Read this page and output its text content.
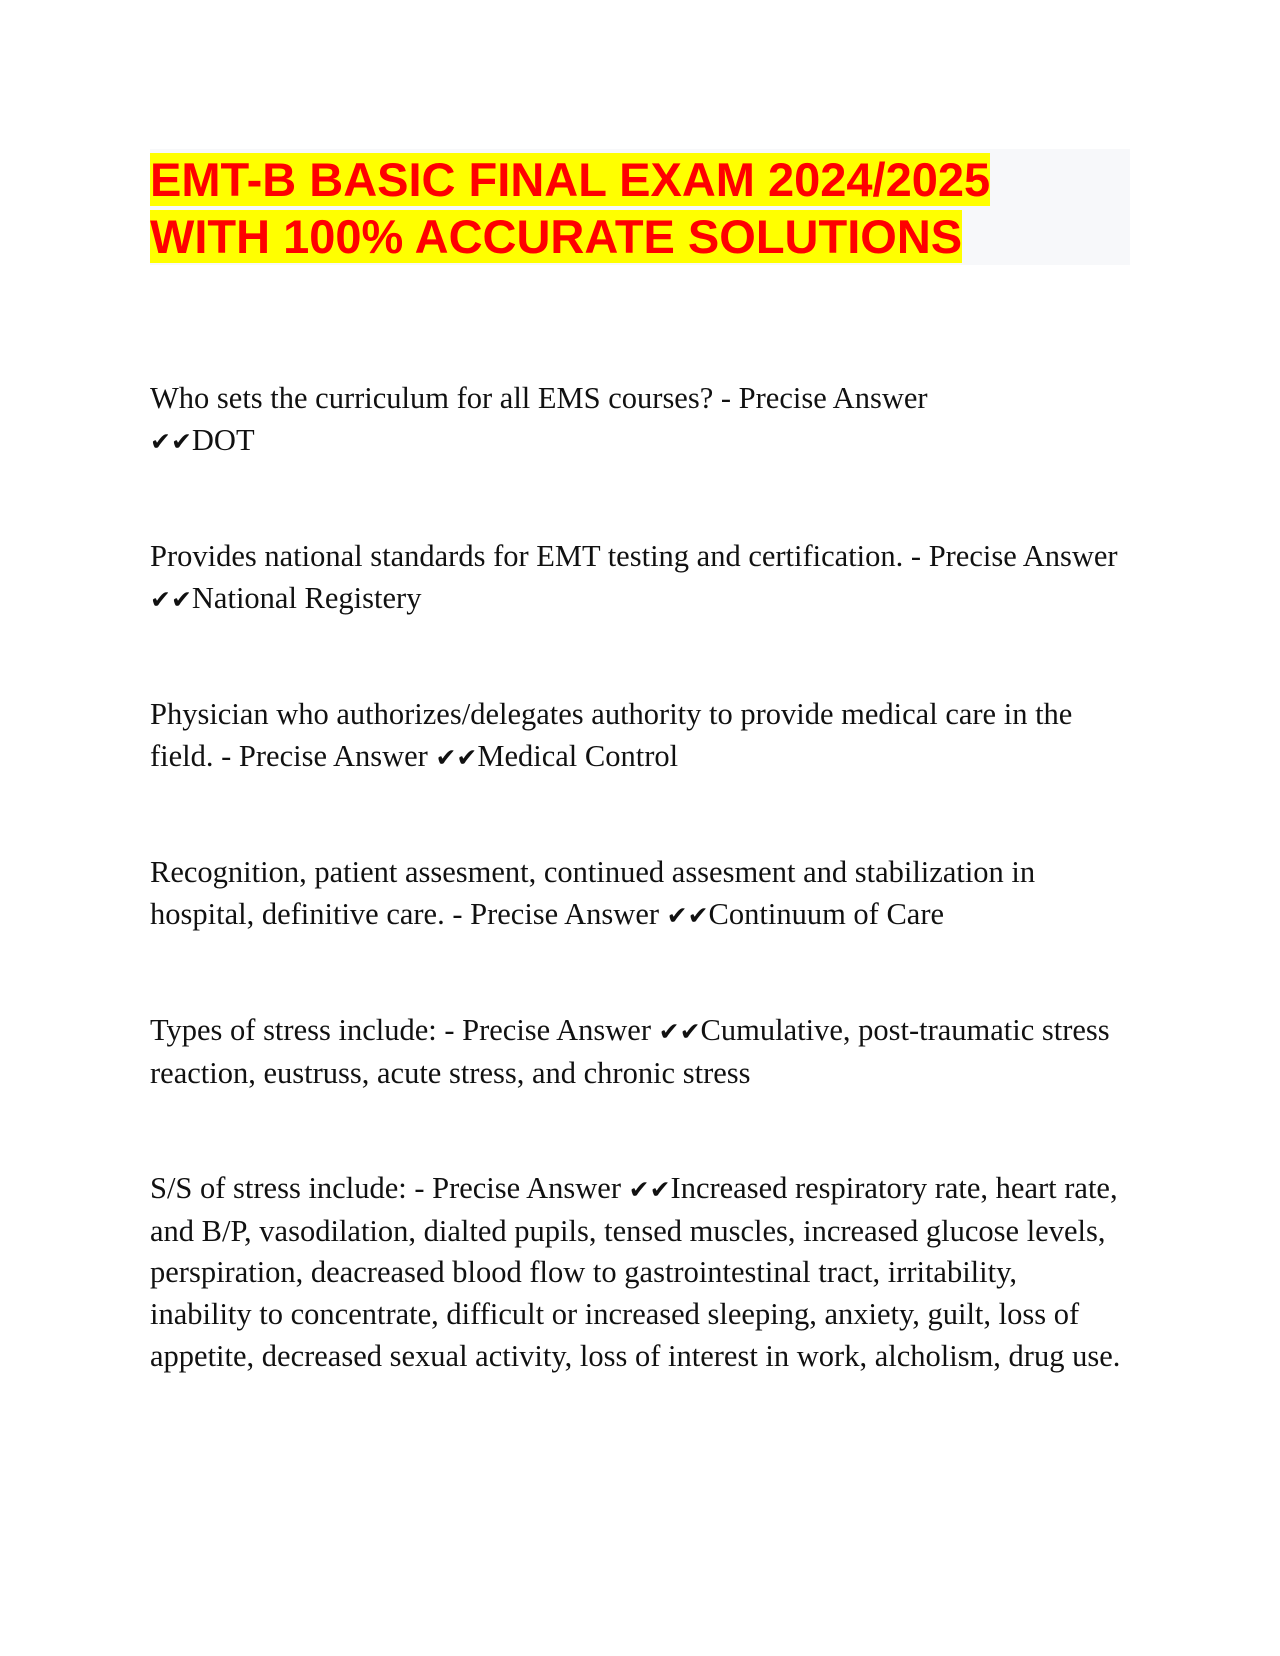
EMT-B BASIC FINAL EXAM 2024/2025
WITH 100% ACCURATE SOLUTIONS

Who sets the curriculum for all EMS courses? - Precise Answer
✔✔DOT

Provides national standards for EMT testing and certification. - Precise Answer ✔✔National Registery

Physician who authorizes/delegates authority to provide medical care in the field. - Precise Answer ✔✔Medical Control

Recognition, patient assesment, continued assesment and stabilization in hospital, definitive care. - Precise Answer ✔✔Continuum of Care

Types of stress include: - Precise Answer ✔✔Cumulative, post-traumatic stress reaction, eustruss, acute stress, and chronic stress

S/S of stress include: - Precise Answer ✔✔Increased respiratory rate, heart rate, and B/P, vasodilation, dialted pupils, tensed muscles, increased glucose levels, perspiration, deacreased blood flow to gastrointestinal tract, irritability, inability to concentrate, difficult or increased sleeping, anxiety, guilt, loss of appetite, decreased sexual activity, loss of interest in work, alcholism, drug use.
